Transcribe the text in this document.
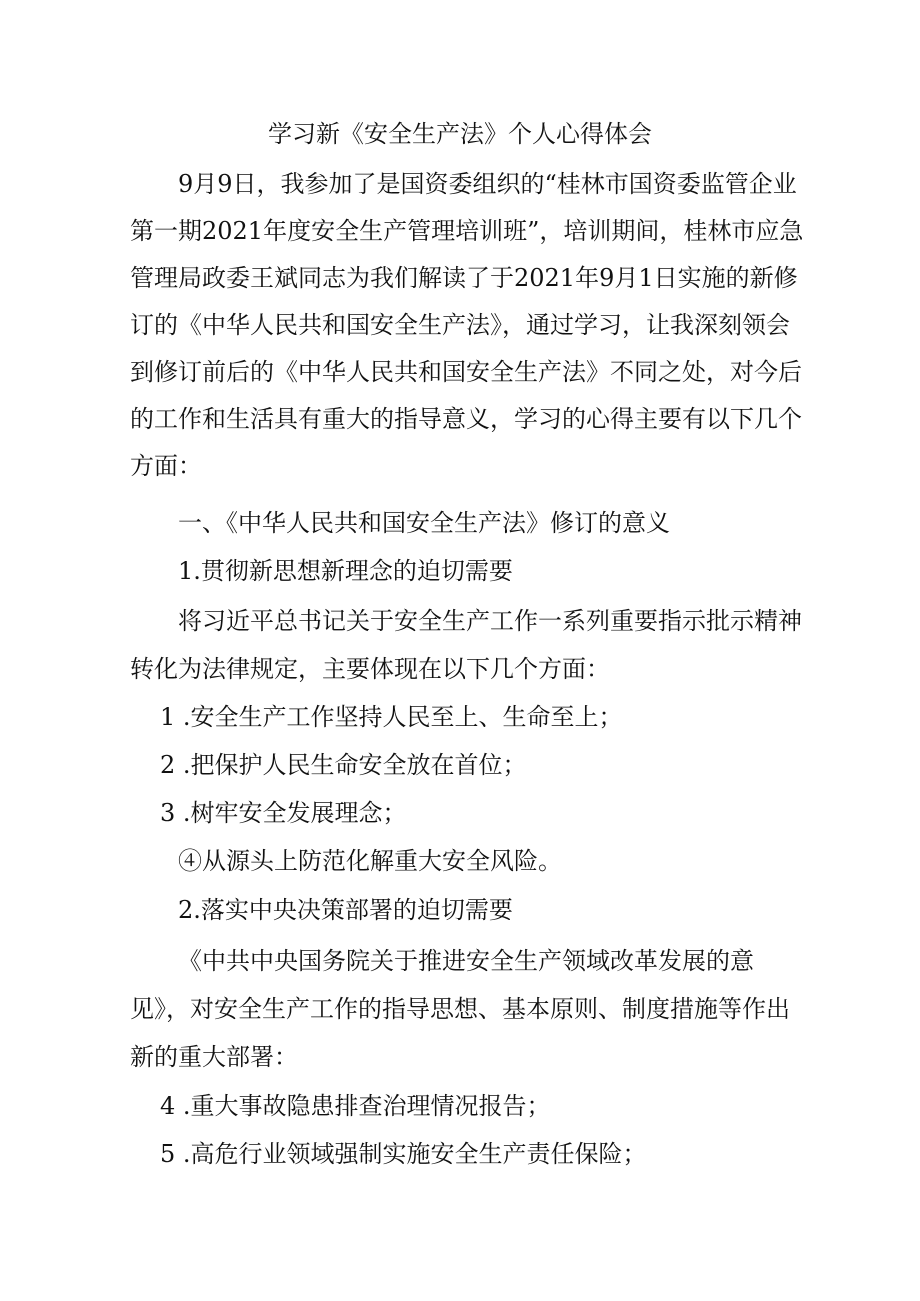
学习新《安全生产法》个人心得体会
9月9日，我参加了是国资委组织的“桂林市国资委监管企业
第一期2021年度安全生产管理培训班”，培训期间，桂林市应急
管理局政委王斌同志为我们解读了于2021年9月1日实施的新修
订的《中华人民共和国安全生产法》，通过学习，让我深刻领会
到修订前后的《中华人民共和国安全生产法》不同之处，对今后
的工作和生活具有重大的指导意义，学习的心得主要有以下几个
方面：
一、《中华人民共和国安全生产法》修订的意义
1.贯彻新思想新理念的迫切需要
将习近平总书记关于安全生产工作一系列重要指示批示精神
转化为法律规定，主要体现在以下几个方面：
1 .安全生产工作坚持人民至上、生命至上；
2 .把保护人民生命安全放在首位；
3 .树牢安全发展理念；
④从源头上防范化解重大安全风险。
2.落实中央决策部署的迫切需要
《中共中央国务院关于推进安全生产领域改革发展的意
见》，对安全生产工作的指导思想、基本原则、制度措施等作出
新的重大部署：
4 .重大事故隐患排查治理情况报告；
5 .高危行业领域强制实施安全生产责任保险；
